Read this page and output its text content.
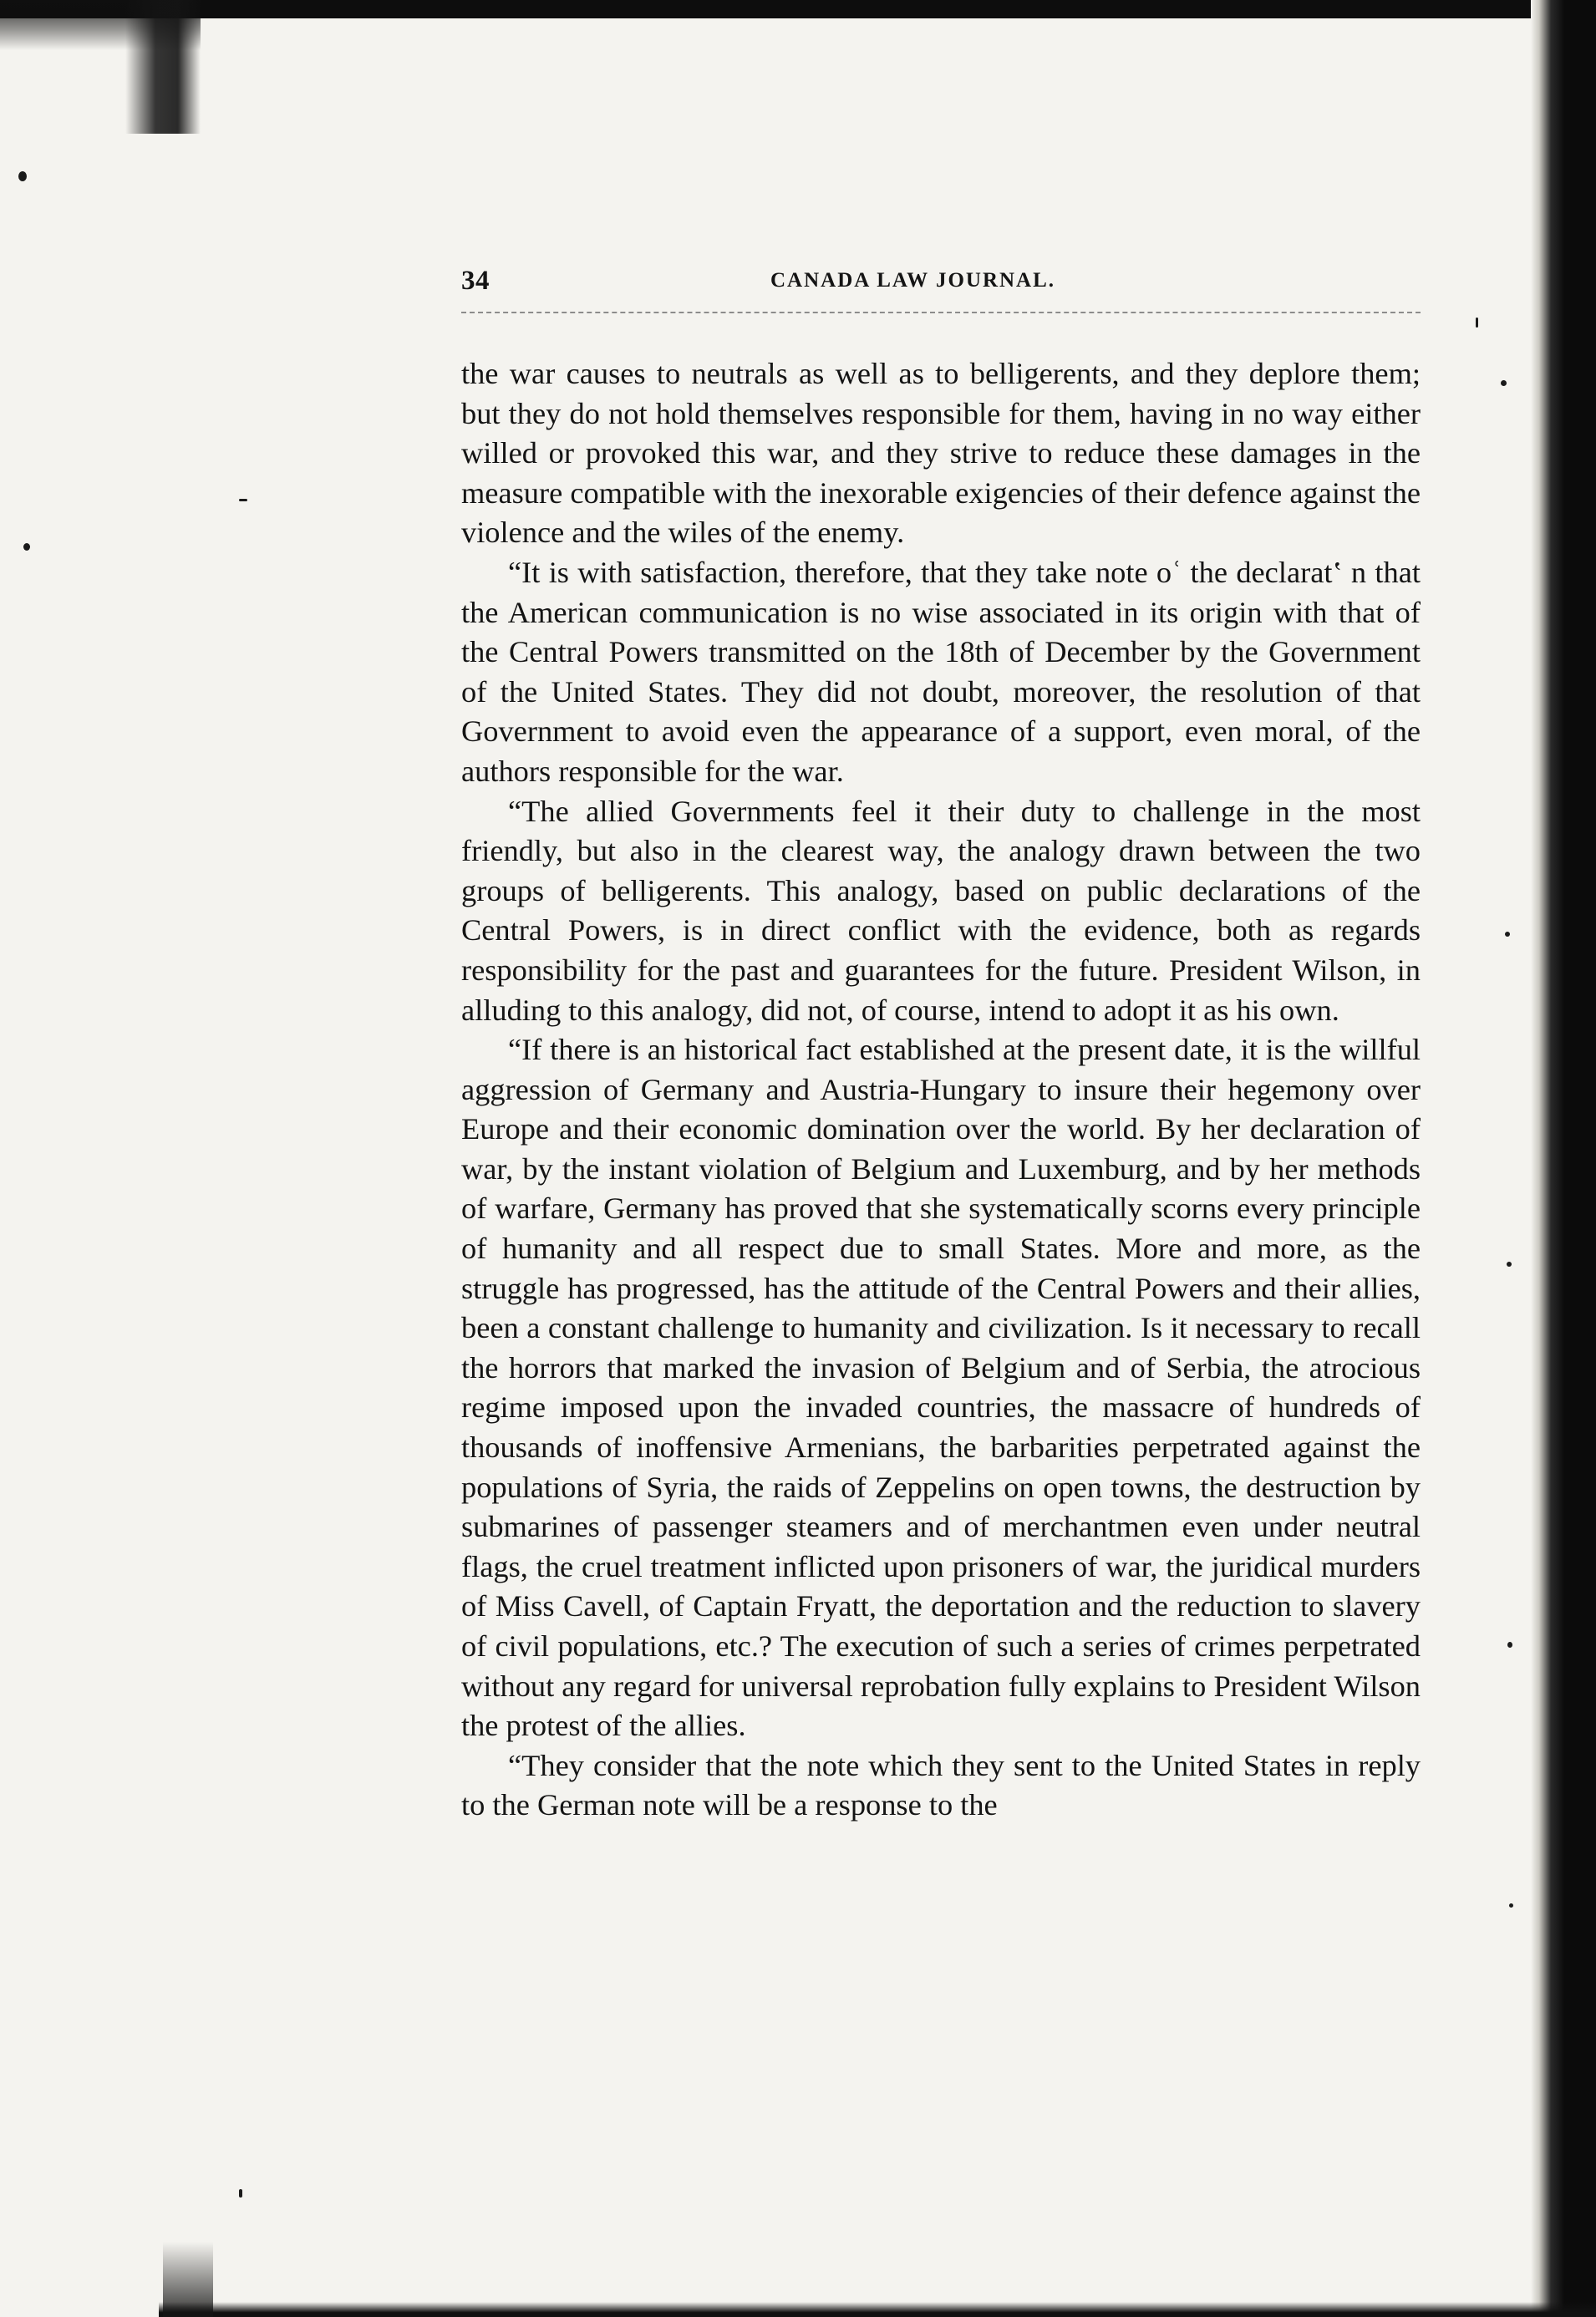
34	CANADA LAW JOURNAL.

the war causes to neutrals as well as to belligerents, and they deplore them; but they do not hold themselves responsible for them, having in no way either willed or provoked this war, and they strive to reduce these damages in the measure compatible with the inexorable exigencies of their defence against the violence and the wiles of the enemy.

“It is with satisfaction, therefore, that they take note oʿ the declaratʽ n that the American communication is no wise associated in its origin with that of the Central Powers transmitted on the 18th of December by the Government of the United States. They did not doubt, moreover, the resolution of that Government to avoid even the appearance of a support, even moral, of the authors responsible for the war.

“The allied Governments feel it their duty to challenge in the most friendly, but also in the clearest way, the analogy drawn between the two groups of belligerents. This analogy, based on public declarations of the Central Powers, is in direct conflict with the evidence, both as regards responsibility for the past and guarantees for the future. President Wilson, in alluding to this analogy, did not, of course, intend to adopt it as his own.

“If there is an historical fact established at the present date, it is the willful aggression of Germany and Austria-Hungary to insure their hegemony over Europe and their economic domination over the world. By her declaration of war, by the instant violation of Belgium and Luxemburg, and by her methods of warfare, Germany has proved that she systematically scorns every principle of humanity and all respect due to small States. More and more, as the struggle has progressed, has the attitude of the Central Powers and their allies, been a constant challenge to humanity and civilization. Is it necessary to recall the horrors that marked the invasion of Belgium and of Serbia, the atrocious regime imposed upon the invaded countries, the massacre of hundreds of thousands of inoffensive Armenians, the barbarities perpetrated against the populations of Syria, the raids of Zeppelins on open towns, the destruction by submarines of passenger steamers and of merchantmen even under neutral flags, the cruel treatment inflicted upon prisoners of war, the juridical murders of Miss Cavell, of Captain Fryatt, the deportation and the reduction to slavery of civil populations, etc.? The execution of such a series of crimes perpetrated without any regard for universal reprobation fully explains to President Wilson the protest of the allies.

“They consider that the note which they sent to the United States in reply to the German note will be a response to the
